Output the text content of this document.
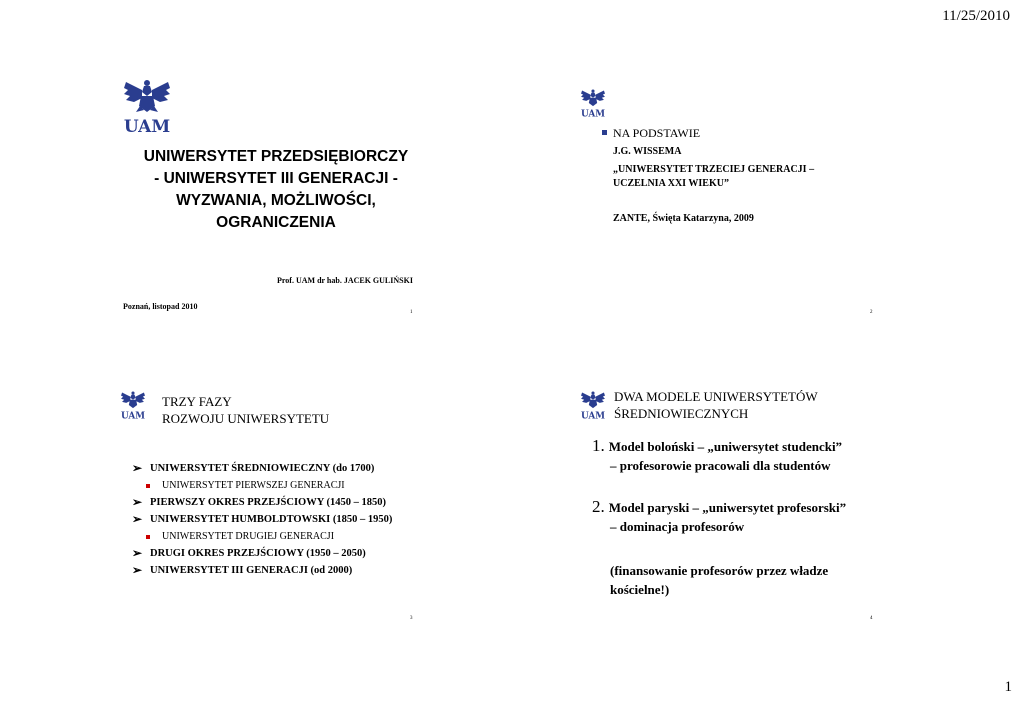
11/25/2010
UAM
UNIWERSYTET PRZEDSIĘBIORCZY
- UNIWERSYTET III GENERACJI -
WYZWANIA, MOŻLIWOŚCI,
OGRANICZENIA
Prof. UAM dr hab. JACEK GULIŃSKI
Poznań, listopad 2010
1
UAM
NA PODSTAWIE
J.G. WISSEMA
„UNIWERSYTET TRZECIEJ GENERACJI –
UCZELNIA XXI WIEKU”
ZANTE, Święta Katarzyna, 2009
2
UAM
TRZY FAZY
ROZWOJU UNIWERSYTETU
➢ UNIWERSYTET ŚREDNIOWIECZNY (do 1700)
UNIWERSYTET PIERWSZEJ GENERACJI
➢ PIERWSZY OKRES PRZEJŚCIOWY (1450 – 1850)
➢ UNIWERSYTET HUMBOLDTOWSKI (1850 – 1950)
UNIWERSYTET DRUGIEJ GENERACJI
➢ DRUGI OKRES PRZEJŚCIOWY (1950 – 2050)
➢ UNIWERSYTET III GENERACJI (od 2000)
3
UAM
DWA MODELE UNIWERSYTETÓW
ŚREDNIOWIECZNYCH
1. Model boloński – „uniwersytet studencki”
– profesorowie pracowali dla studentów
2. Model paryski – „uniwersytet profesorski”
– dominacja profesorów
(finansowanie profesorów przez władze
kościelne!)
4
1
